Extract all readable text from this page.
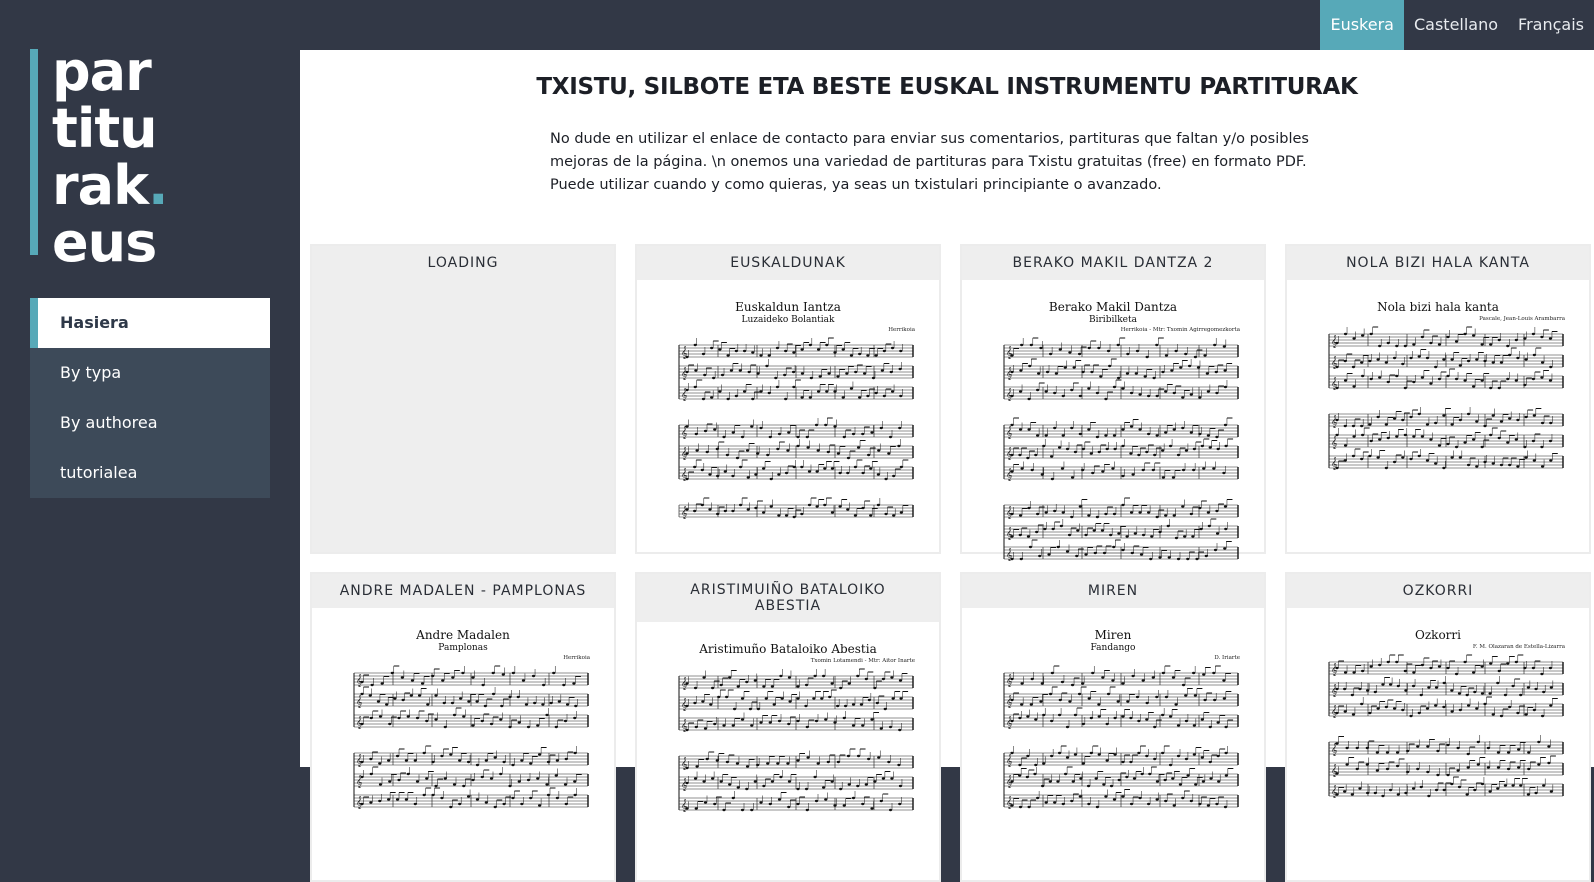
Euskera	Castellano	Français
par
titu
rak.
eus
Hasiera
By typa
By authorea
tutorialea
TXISTU, SILBOTE ETA BESTE EUSKAL INSTRUMENTU PARTITURAK

No dude en utilizar el enlace de contacto para enviar sus comentarios, partituras que faltan y/o posibles mejoras de la página. \n onemos una variedad de partituras para Txistu gratuitas (free) en formato PDF. Puede utilizar cuando y como quieras, ya seas un txistulari principiante o avanzado.

LOADING	EUSKALDUNAK
Euskaldun Iantza
Luzaideko Bolantiak
Herrikoia
𝄞
𝄞
𝄞
𝄞
𝄞
𝄞
𝄞
BERAKO MAKIL DANTZA 2
Berako Makil Dantza
Biribilketa
Herrikoia - Mtr: Txomin Agirregomezkorta
𝄞
𝄞
𝄞
𝄞
𝄞
𝄞
𝄞
𝄞
𝄞
NOLA BIZI HALA KANTA
Nola bizi hala kanta
Pascale, Jean-Louis Arambarra
𝄞
𝄞
𝄞
𝄞
𝄞
𝄞
ANDRE MADALEN - PAMPLONAS
Andre Madalen
Pamplonas
Herrikoia
𝄞
𝄞
𝄞
𝄞
𝄞
𝄞
ARISTIMUIÑO BATALOIKO ABESTIA
Aristimuño Bataloiko Abestia
Txomin Lotamendi - Mtr: Aitor Inarte
𝄞
𝄞
𝄞
𝄞
𝄞
𝄞
MIREN
Miren
Fandango
D. Iriarte
𝄞
𝄞
𝄞
𝄞
𝄞
𝄞
OZKORRI
Ozkorri
F. M. Olazaran de Estella-Lizarra
𝄞
𝄞
𝄞
𝄞
𝄞
𝄞
